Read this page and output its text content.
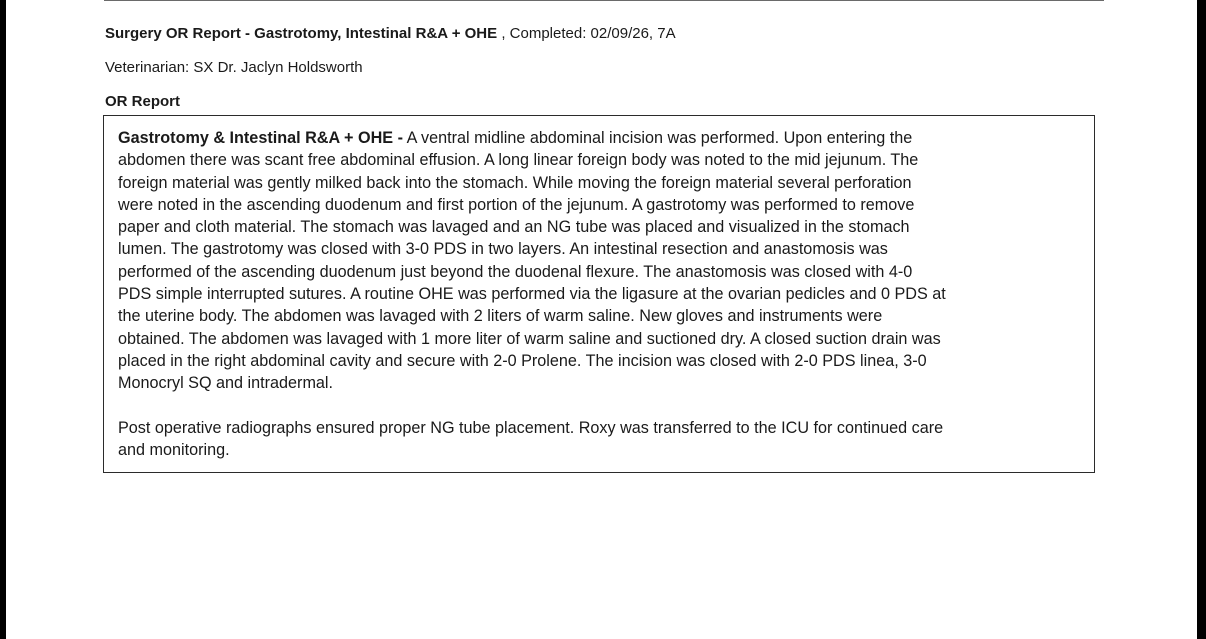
Surgery OR Report - Gastrotomy, Intestinal R&A + OHE , Completed: 02/09/26, 7A
Veterinarian: SX Dr. Jaclyn Holdsworth
OR Report

Gastrotomy & Intestinal R&A + OHE - A ventral midline abdominal incision was performed. Upon entering the

abdomen there was scant free abdominal effusion. A long linear foreign body was noted to the mid jejunum. The

foreign material was gently milked back into the stomach. While moving the foreign material several perforation

were noted in the ascending duodenum and first portion of the jejunum. A gastrotomy was performed to remove

paper and cloth material. The stomach was lavaged and an NG tube was placed and visualized in the stomach

lumen. The gastrotomy was closed with 3-0 PDS in two layers. An intestinal resection and anastomosis was

performed of the ascending duodenum just beyond the duodenal flexure. The anastomosis was closed with 4-0

PDS simple interrupted sutures. A routine OHE was performed via the ligasure at the ovarian pedicles and 0 PDS at

the uterine body. The abdomen was lavaged with 2 liters of warm saline. New gloves and instruments were

obtained. The abdomen was lavaged with 1 more liter of warm saline and suctioned dry. A closed suction drain was

placed in the right abdominal cavity and secure with 2-0 Prolene. The incision was closed with 2-0 PDS linea, 3-0

Monocryl SQ and intradermal.

Post operative radiographs ensured proper NG tube placement. Roxy was transferred to the ICU for continued care

and monitoring.
